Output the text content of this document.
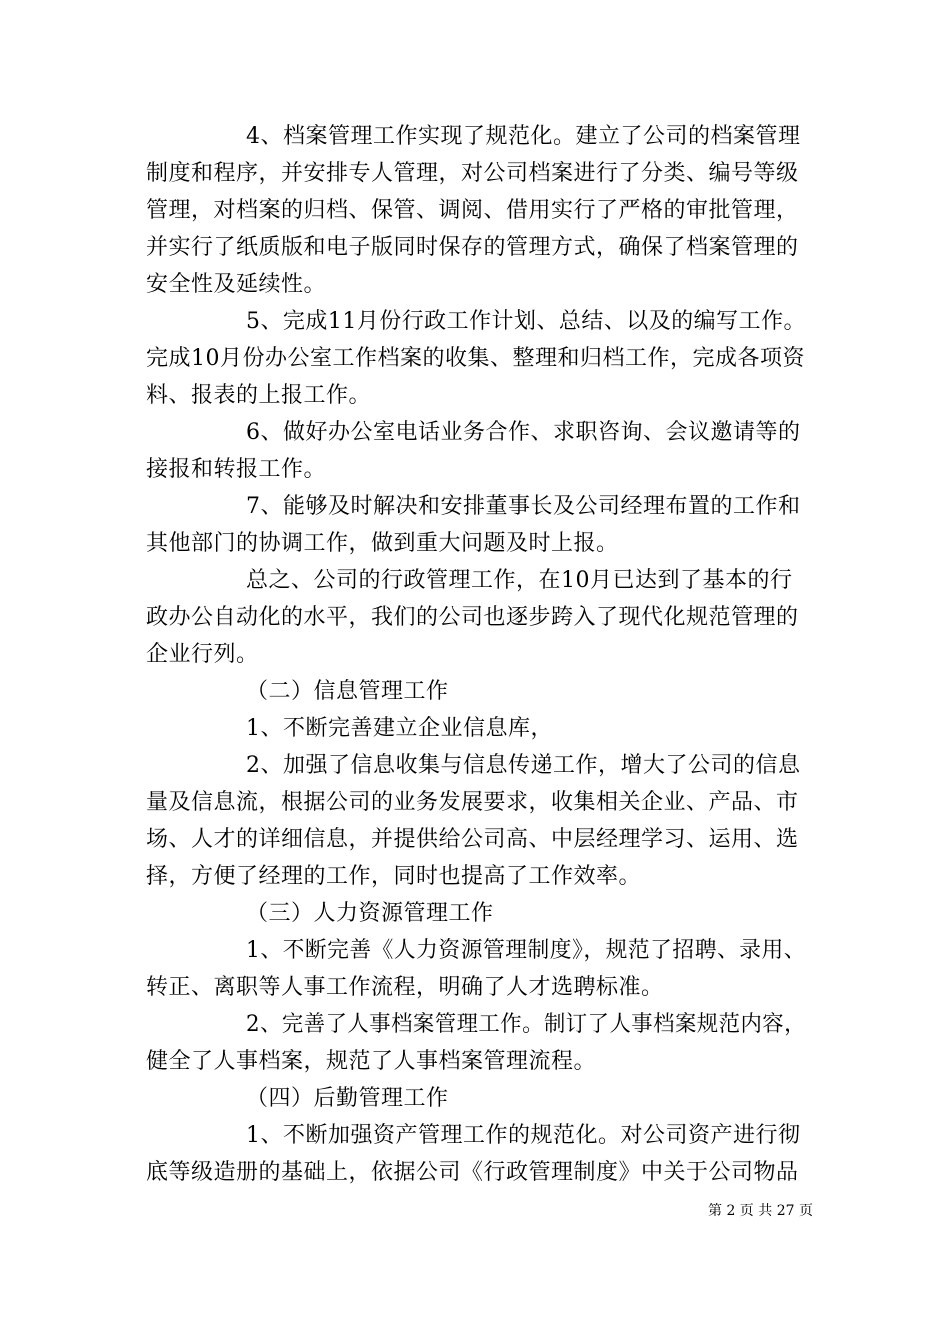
4、档案管理工作实现了规范化。建立了公司的档案管理
制度和程序，并安排专人管理，对公司档案进行了分类、编号等级
管理，对档案的归档、保管、调阅、借用实行了严格的审批管理，
并实行了纸质版和电子版同时保存的管理方式，确保了档案管理的
安全性及延续性。
5、完成11月份行政工作计划、总结、以及的编写工作。
完成10月份办公室工作档案的收集、整理和归档工作，完成各项资
料、报表的上报工作。
6、做好办公室电话业务合作、求职咨询、会议邀请等的
接报和转报工作。
7、能够及时解决和安排董事长及公司经理布置的工作和
其他部门的协调工作，做到重大问题及时上报。
总之、公司的行政管理工作，在10月已达到了基本的行
政办公自动化的水平，我们的公司也逐步跨入了现代化规范管理的
企业行列。
（二）信息管理工作
1、不断完善建立企业信息库，
2、加强了信息收集与信息传递工作，增大了公司的信息
量及信息流，根据公司的业务发展要求，收集相关企业、产品、市
场、人才的详细信息，并提供给公司高、中层经理学习、运用、选
择，方便了经理的工作，同时也提高了工作效率。
（三）人力资源管理工作
1、不断完善《人力资源管理制度》，规范了招聘、录用、
转正、离职等人事工作流程，明确了人才选聘标准。
2、完善了人事档案管理工作。制订了人事档案规范内容，
健全了人事档案，规范了人事档案管理流程。
（四）后勤管理工作
1、不断加强资产管理工作的规范化。对公司资产进行彻
底等级造册的基础上，依据公司《行政管理制度》中关于公司物品
第 2 页 共 27 页
